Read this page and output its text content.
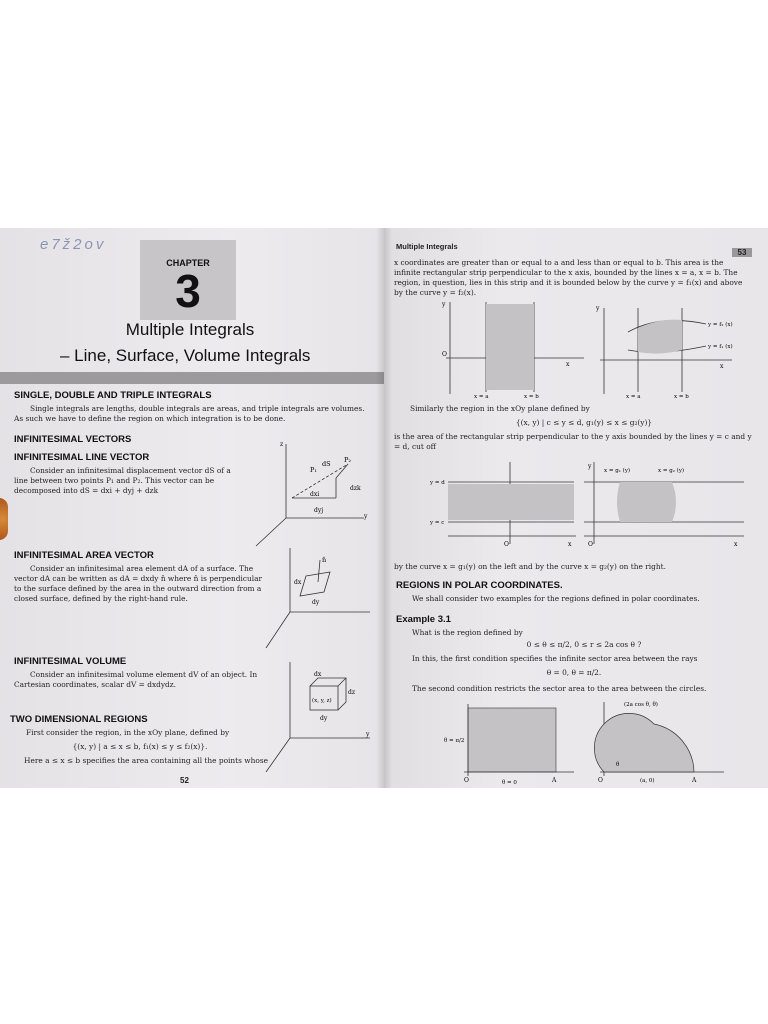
e7ž2ov
CHAPTER
3
Multiple Integrals
– Line, Surface, Volume Integrals
SINGLE, DOUBLE AND TRIPLE INTEGRALS
Single integrals are lengths, double integrals are areas, and triple integrals are volumes. As such we have to define the region on which integration is to be done.
INFINITESIMAL VECTORS
INFINITESIMAL LINE VECTOR
Consider an infinitesimal displacement vector dS of a line between two points P₁ and P₂. This vector can be decomposed into dS = dxi + dyj + dzk
z
P₁
P₂
dS
dzk
dxi
dyj
y
INFINITESIMAL AREA VECTOR
Consider an infinitesimal area element dA of a surface. The vector dA can be written as dA = dxdy n̂ where n̂ is perpendicular to the surface defined by the area in the outward direction from a closed surface, defined by the right-hand rule.
n̂
dx
dy
INFINITESIMAL VOLUME
Consider an infinitesimal volume element dV of an object. In Cartesian coordinates, scalar dV = dxdydz.
dx
dz
(x, y, z)
dy
y
TWO DIMENSIONAL REGIONS
First consider the region, in the xOy plane, defined by
{(x, y) | a ≤ x ≤ b, f₁(x) ≤ y ≤ f₂(x)}.
Here a ≤ x ≤ b specifies the area containing all the points whose
52
Multiple Integrals
53
x coordinates are greater than or equal to a and less than or equal to b. This area is the infinite rectangular strip perpendicular to the x axis, bounded by the lines x = a, x = b. The region, in question, lies in this strip and it is bounded below by the curve y = f₁(x) and above by the curve y = f₂(x).
y
O
x
x = a	x = b
y
y = f₂ (x)
y = f₁ (x)
x
x = a	x = b
Similarly the region in the xOy plane defined by
{(x, y) | c ≤ y ≤ d, g₁(y) ≤ x ≤ g₂(y)}
is the area of the rectangular strip perpendicular to the y axis bounded by the lines y = c and y = d, cut off
y = d
y = c
O	x
y
x = g₁ (y)	x = g₂ (y)
O	x
by the curve x = g₁(y) on the left and by the curve x = g₂(y) on the right.
REGIONS IN POLAR COORDINATES.
We shall consider two examples for the regions defined in polar coordinates.
Example 3.1
What is the region defined by
0 ≤ θ ≤ π/2, 0 ≤ r ≤ 2a cos θ ?
In this, the first condition specifies the infinite sector area between the rays
θ = 0, θ = π/2.
The second condition restricts the sector area to the area between the circles.
θ = π/2
O	θ = 0	A
(2a cos θ, θ)
θ
O	(a, 0)	A
